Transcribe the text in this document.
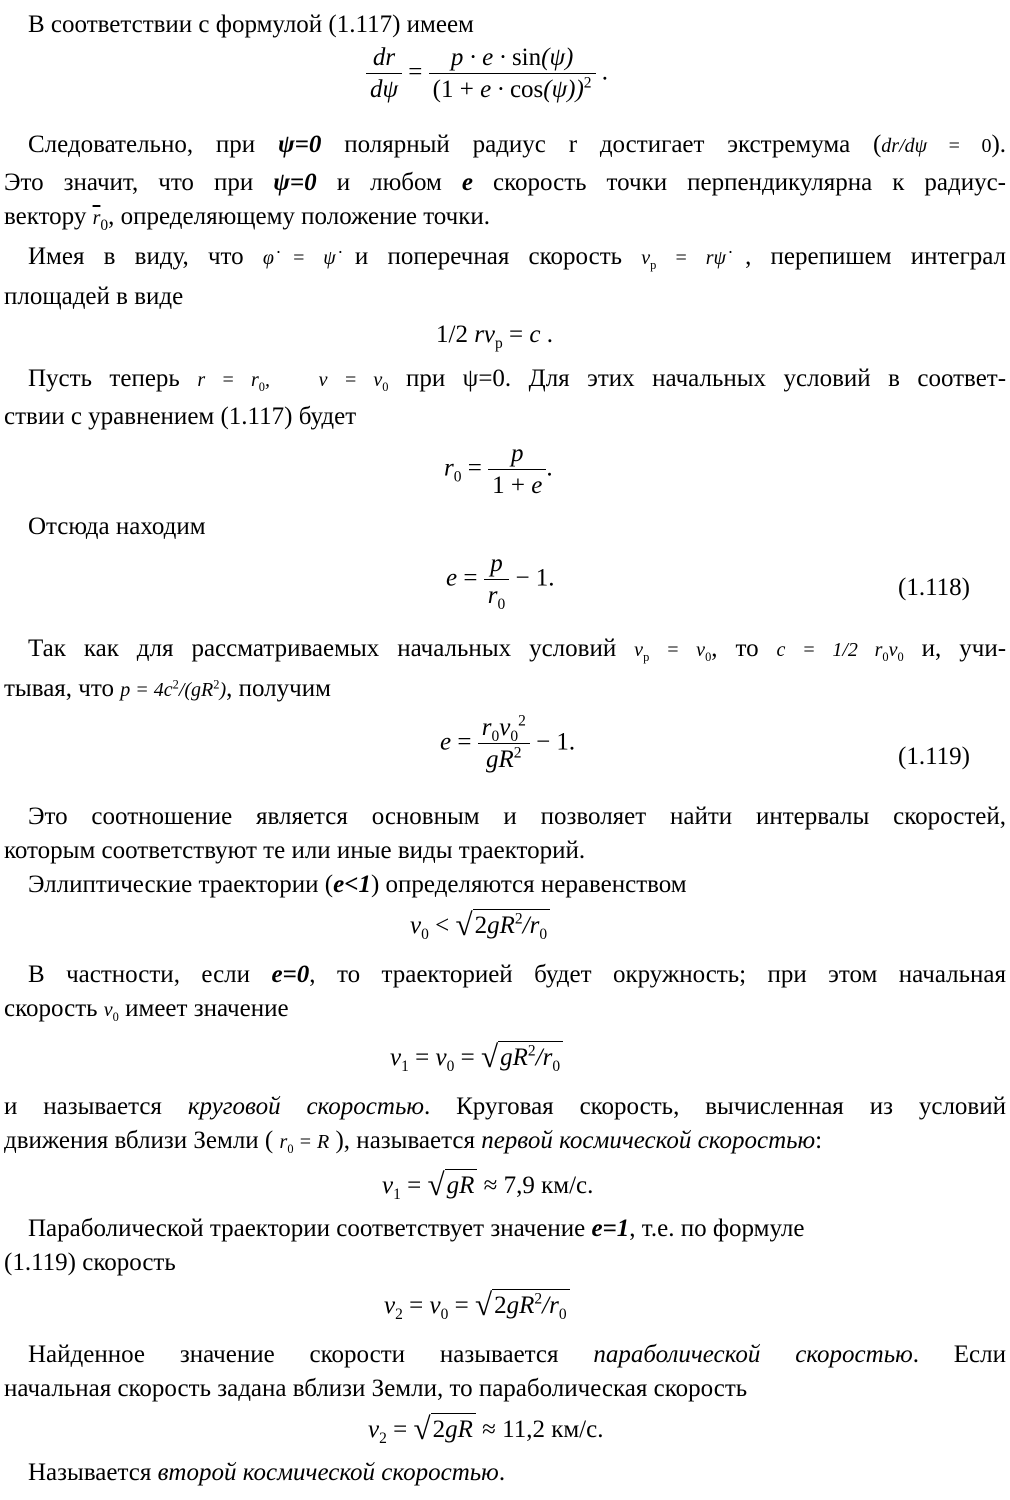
В соответствии с формулой (1.117) имеем
$\frac{dr}{d\psi} = \frac{p \cdot e \cdot \sin(\psi)}{(1 + e \cdot \cos(\psi))^2}$ .
Следовательно, при ψ=0 полярный радиус r достигает экстремума (dr/dψ = 0).
Это значит, что при ψ=0 и любом e скорость точки перпендикулярна к радиус-
вектору $\overline{r}_0$, определяющему положение точки.
Имея в виду, что φ̇ = ψ̇ и поперечная скорость $v_p$ = rψ̇ , перепишем интеграл
площадей в виде
1/2 $rv_p = c$ .
Пусть теперь $r = r_0$,   $v = v_0$ при ψ=0. Для этих начальных условий в соответ-
ствии с уравнением (1.117) будет
$r_0 = \frac{p}{1 + e}$ .
Отсюда находим
$e = \frac{p}{r_0} - 1$.	(1.118)
Так как для рассматриваемых начальных условий $v_p = v_0$, то c = 1/2 $r_0v_0$ и, учи-
тывая, что $p = 4c^2/(gR^2)$, получим
$e = \frac{r_0v_0^2}{gR^2} - 1$.
(1.119)
Это соотношение является основным и позволяет найти интервалы скоростей,
которым соответствуют те или иные виды траекторий.
Эллиптические траектории (e<1) определяются неравенством
$v_0 < √2gR^2/r_0$
В частности, если e=0, то траекторией будет окружность; при этом начальная
скорость $v_0$ имеет значение
$v_1 = v_0 = √gR^2/r_0$
и называется круговой скоростью. Круговая скорость, вычисленная из условий
движения вблизи Земли ( $r_0 = R$ ), называется первой космической скоростью:
$v_1 = √gR \approx 7,9$ км/с.
Параболической траектории соответствует значение e=1, т.е. по формуле
(1.119) скорость
$v_2 = v_0 = √2gR^2/r_0$
Найденное значение скорости называется параболической скоростью. Если
начальная скорость задана вблизи Земли, то параболическая скорость
$v_2 = √2gR \approx 11,2$ км/с.
Называется второй космической скоростью.
